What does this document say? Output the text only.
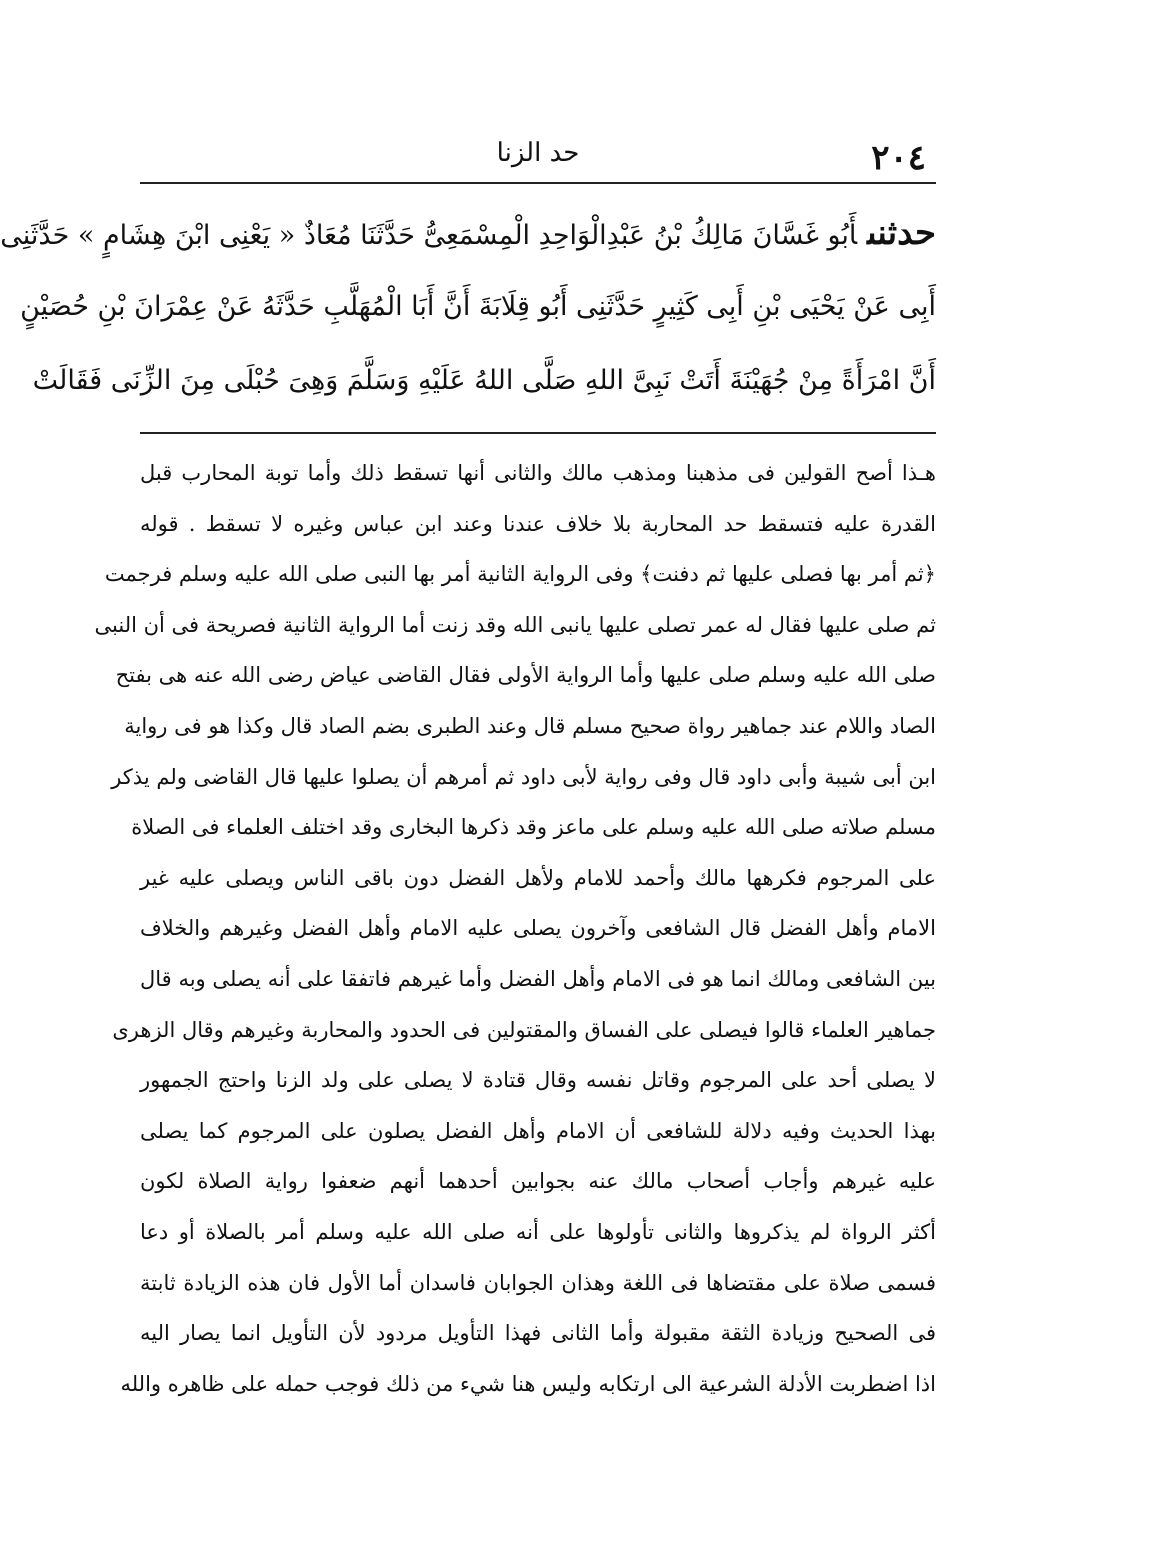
٢٠٤
حد الزنا
حدثنىأَبُو غَسَّانَ مَالِكُ بْنُ عَبْدِالْوَاحِدِ الْمِسْمَعِىُّ حَدَّثَنَا مُعَاذٌ « يَعْنِى ابْنَ هِشَامٍ » حَدَّثَنِى
أَبِى عَنْ يَحْيَى بْنِ أَبِى كَثِيرٍ حَدَّثَنِى أَبُو قِلَابَةَ أَنَّ أَبَا الْمُهَلَّبِ حَدَّثَهُ عَنْ عِمْرَانَ بْنِ حُصَيْنٍ
أَنَّ امْرَأَةً مِنْ جُهَيْنَةَ أَتَتْ نَبِىَّ اللهِ صَلَّى اللهُ عَلَيْهِ وَسَلَّمَ وَهِىَ حُبْلَى مِنَ الزِّنَى فَقَالَتْ
هـذا أصح القولين فى مذهبنا ومذهب مالك والثانى أنها تسقط ذلك وأما توبة المحارب قبل
القدرة عليه فتسقط حد المحاربة بلا خلاف عندنا وعند ابن عباس وغيره لا تسقط . قوله
﴿ثم أمر بها فصلى عليها ثم دفنت﴾ وفى الرواية الثانية أمر بها النبى صلى الله عليه وسلم فرجمت
ثم صلى عليها فقال له عمر تصلى عليها يانبى الله وقد زنت أما الرواية الثانية فصريحة فى أن النبى
صلى الله عليه وسلم صلى عليها وأما الرواية الأولى فقال القاضى عياض رضى الله عنه هى بفتح
الصاد واللام عند جماهير رواة صحيح مسلم قال وعند الطبرى بضم الصاد قال وكذا هو فى رواية
ابن أبى شيبة وأبى داود قال وفى رواية لأبى داود ثم أمرهم أن يصلوا عليها قال القاضى ولم يذكر
مسلم صلاته صلى الله عليه وسلم على ماعز وقد ذكرها البخارى وقد اختلف العلماء فى الصلاة
على المرجوم فكرهها مالك وأحمد للامام ولأهل الفضل دون باقى الناس ويصلى عليه غير
الامام وأهل الفضل قال الشافعى وآخرون يصلى عليه الامام وأهل الفضل وغيرهم والخلاف
بين الشافعى ومالك انما هو فى الامام وأهل الفضل وأما غيرهم فاتفقا على أنه يصلى وبه قال
جماهير العلماء قالوا فيصلى على الفساق والمقتولين فى الحدود والمحاربة وغيرهم وقال الزهرى
لا يصلى أحد على المرجوم وقاتل نفسه وقال قتادة لا يصلى على ولد الزنا واحتج الجمهور
بهذا الحديث وفيه دلالة للشافعى أن الامام وأهل الفضل يصلون على المرجوم كما يصلى
عليه غيرهم وأجاب أصحاب مالك عنه بجوابين أحدهما أنهم ضعفوا رواية الصلاة لكون
أكثر الرواة لم يذكروها والثانى تأولوها على أنه صلى الله عليه وسلم أمر بالصلاة أو دعا
فسمى صلاة على مقتضاها فى اللغة وهذان الجوابان فاسدان أما الأول فان هذه الزيادة ثابتة
فى الصحيح وزيادة الثقة مقبولة وأما الثانى فهذا التأويل مردود لأن التأويل انما يصار اليه
اذا اضطربت الأدلة الشرعية الى ارتكابه وليس هنا شيء من ذلك فوجب حمله على ظاهره والله
